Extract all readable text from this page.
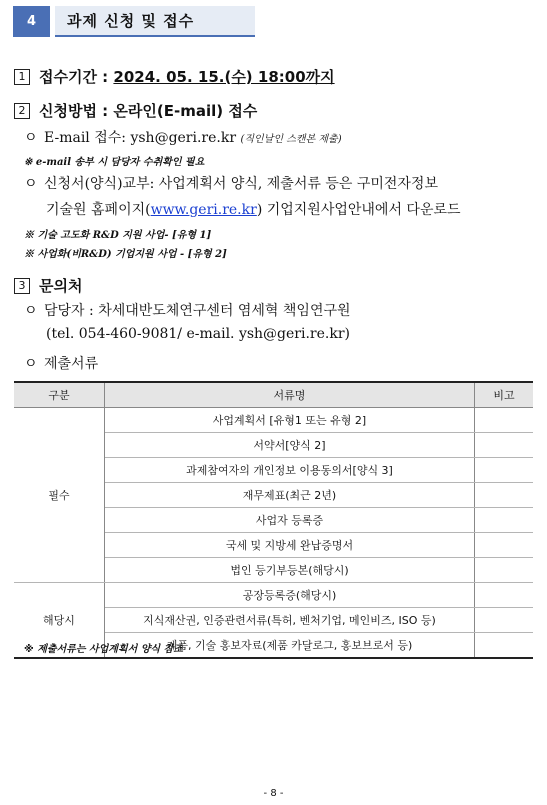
4	과제 신청 및 접수
1 접수기간 :
2024. 05. 15.(수) 18:00까지
2 신청방법 : 온라인(E-mail) 접수
ㅇ E-mail 접수: ysh@geri.re.kr (직인날인 스캔본 제출)
※ e-mail 송부 시 담당자 수취확인 필요
ㅇ 신청서(양식)교부: 사업계획서 양식, 제출서류 등은 구미전자정보
기술원 홈페이지(www.geri.re.kr) 기업지원사업안내에서 다운로드
※ 기술 고도화 R&D 지원 사업- [유형 1]
※ 사업화(비R&D) 기업지원 사업 - [유형 2]
3 문의처
ㅇ 담당자 : 차세대반도체연구센터 염세혁 책임연구원
(tel. 054-460-9081/ e-mail. ysh@geri.re.kr)
ㅇ 제출서류
구분	서류명	비고
필수	사업계획서 [유형1 또는 유형 2]	
	서약서[양식 2]	
	과제참여자의 개인정보 이용동의서[양식 3]	
	재무제표(최근 2년)	
	사업자 등록증	
	국세 및 지방세 완납증명서	
	법인 등기부등본(해당시)	
해당시	공장등록증(해당시)	
	지식재산권, 인증관련서류(특허, 벤처기업, 메인비즈, ISO 등)	
	제품, 기술 홍보자료(제품 카달로그, 홍보브로서 등)	
※ 제출서류는 사업계획서 양식 참조
- 8 -
